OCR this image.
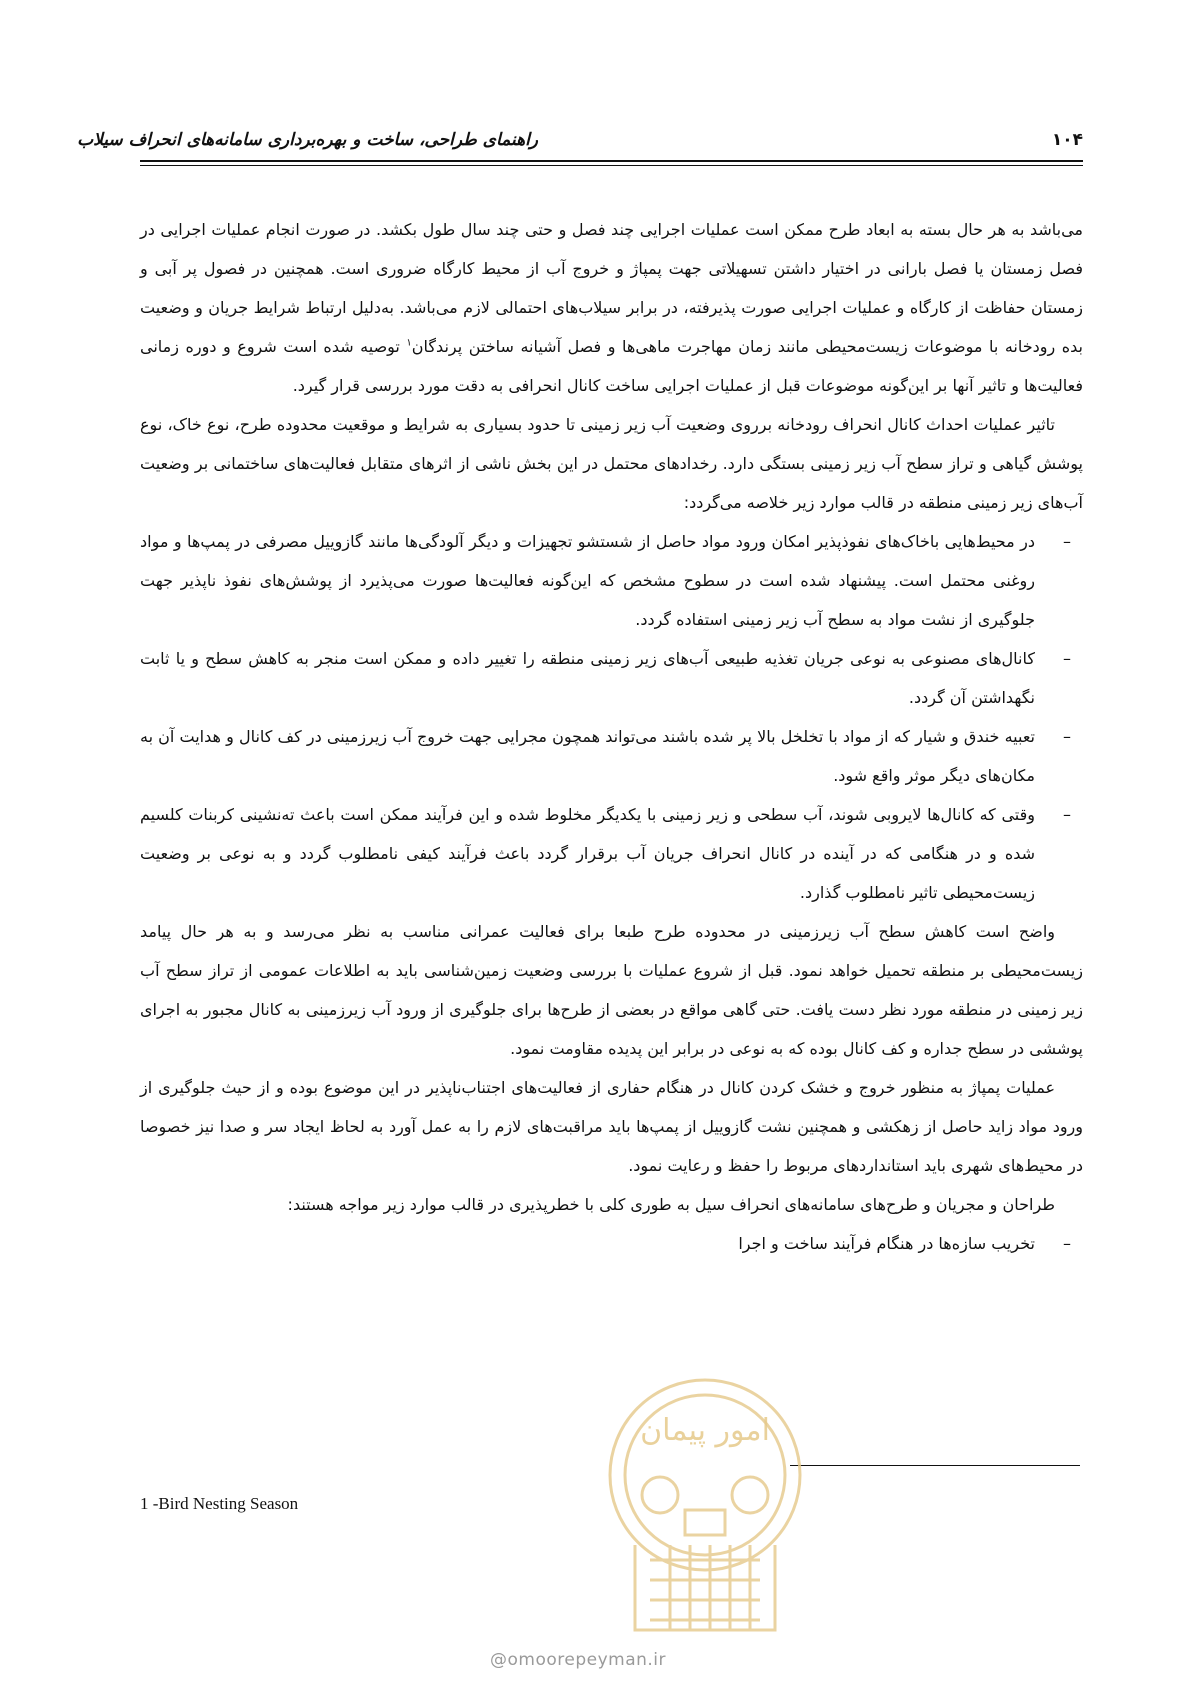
راهنمای طراحی، ساخت و بهره‌برداری سامانه‌های انحراف سیلاب	۱۰۴

می‌باشد به هر حال بسته به ابعاد طرح ممکن است عملیات اجرایی چند فصل و حتی چند سال طول بکشد. در صورت انجام عملیات اجرایی در فصل زمستان یا فصل بارانی در اختیار داشتن تسهیلاتی جهت پمپاژ و خروج آب از محیط کارگاه ضروری است. همچنین در فصول پر آبی و زمستان حفاظت از کارگاه و عملیات اجرایی صورت پذیرفته، در برابر سیلاب‌های احتمالی لازم می‌باشد. به‌دلیل ارتباط شرایط جریان و وضعیت بده رودخانه با موضوعات زیست‌محیطی مانند زمان مهاجرت ماهی‌ها و فصل آشیانه ساختن پرندگان$^۱$ توصیه شده است شروع و دوره زمانی فعالیت‌ها و تاثیر آنها بر این‌گونه موضوعات قبل از عملیات اجرایی ساخت کانال انحرافی به دقت مورد بررسی قرار گیرد.

تاثیر عملیات احداث کانال انحراف رودخانه برروی وضعیت آب زیر زمینی تا حدود بسیاری به شرایط و موقعیت محدوده طرح، نوع خاک، نوع پوشش گیاهی و تراز سطح آب زیر زمینی بستگی دارد. رخدادهای محتمل در این بخش ناشی از اثرهای متقابل فعالیت‌های ساختمانی بر وضعیت آب‌های زیر زمینی منطقه در قالب موارد زیر خلاصه می‌گردد:

–
در محیط‌هایی باخاک‌های نفوذپذیر امکان ورود مواد حاصل از شستشو تجهیزات و دیگر آلودگی‌ها مانند گازوییل مصرفی در پمپ‌ها و مواد روغنی محتمل است. پیشنهاد شده است در سطوح مشخص که این‌گونه فعالیت‌ها صورت می‌پذیرد از پوشش‌های نفوذ ناپذیر جهت جلوگیری از نشت مواد به سطح آب زیر زمینی استفاده گردد.
–
کانال‌های مصنوعی به نوعی جریان تغذیه طبیعی آب‌های زیر زمینی منطقه را تغییر داده و ممکن است منجر به کاهش سطح و یا ثابت نگهداشتن آن گردد.
–
تعبیه خندق و شیار که از مواد با تخلخل بالا پر شده باشند می‌تواند همچون مجرایی جهت خروج آب زیرزمینی در کف کانال و هدایت آن به مکان‌های دیگر موثر واقع شود.
–
وقتی که کانال‌ها لایروبی شوند، آب سطحی و زیر زمینی با یکدیگر مخلوط شده و این فرآیند ممکن است باعث ته‌نشینی کربنات کلسیم شده و در هنگامی که در آینده در کانال انحراف جریان آب برقرار گردد باعث فرآیند کیفی نامطلوب گردد و به نوعی بر وضعیت زیست‌محیطی تاثیر نامطلوب گذارد.

واضح است کاهش سطح آب زیرزمینی در محدوده طرح طبعا برای فعالیت عمرانی مناسب به نظر می‌رسد و به هر حال پیامد زیست‌محیطی بر منطقه تحمیل خواهد نمود. قبل از شروع عملیات با بررسی وضعیت زمین‌شناسی باید به اطلاعات عمومی از تراز سطح آب زیر زمینی در منطقه مورد نظر دست یافت. حتی گاهی مواقع در بعضی از طرح‌ها برای جلوگیری از ورود آب زیرزمینی به کانال مجبور به اجرای پوششی در سطح جداره و کف کانال بوده که به نوعی در برابر این پدیده مقاومت نمود.

عملیات پمپاژ به منظور خروج و خشک کردن کانال در هنگام حفاری از فعالیت‌های اجتناب‌ناپذیر در این موضوع بوده و از حیث جلوگیری از ورود مواد زاید حاصل از زهکشی و همچنین نشت گازوییل از پمپ‌ها باید مراقبت‌های لازم را به عمل آورد به لحاظ ایجاد سر و صدا نیز خصوصا در محیط‌های شهری باید استانداردهای مربوط را حفظ و رعایت نمود.

طراحان و مجریان و طرح‌های سامانه‌های انحراف سیل به طوری کلی با خطرپذیری در قالب موارد زیر مواجه هستند:

–
تخریب سازه‌ها در هنگام فرآیند ساخت و اجرا
1 -Bird Nesting Season
امور پیمان
@omoorepeyman.ir
